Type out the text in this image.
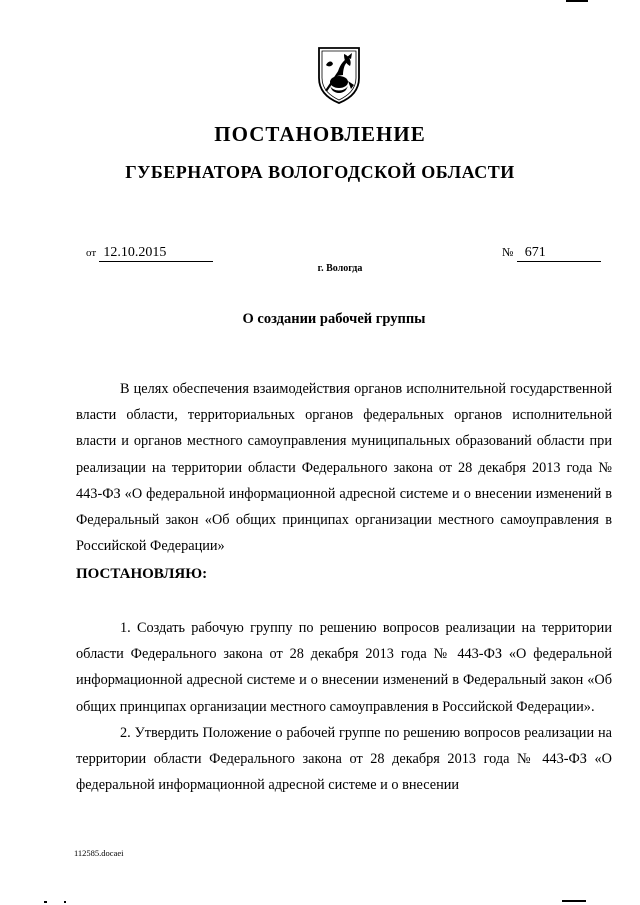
ПОСТАНОВЛЕНИЕ
ГУБЕРНАТОРА ВОЛОГОДСКОЙ ОБЛАСТИ
от 12.10.2015	№ 671
г. Вологда
О создании рабочей группы

В целях обеспечения взаимодействия органов исполнительной государственной власти области, территориальных органов федеральных органов исполнительной власти и органов местного самоуправления муниципальных образований области при реализации на территории области Федерального закона от 28 декабря 2013 года № 443-ФЗ «О федеральной информационной адресной системе и о внесении изменений в Федеральный закон «Об общих принципах организации местного самоуправления в Российской Федерации»

ПОСТАНОВЛЯЮ:

1. Создать рабочую группу по решению вопросов реализации на территории области Федерального закона от 28 декабря 2013 года № 443-ФЗ «О федеральной информационной адресной системе и о внесении изменений в Федеральный закон «Об общих принципах организации местного самоуправления в Российской Федерации».

2. Утвердить Положение о рабочей группе по решению вопросов реализации на территории области Федерального закона от 28 декабря 2013 года № 443-ФЗ «О федеральной информационной адресной системе и о внесении

112585.docaei
